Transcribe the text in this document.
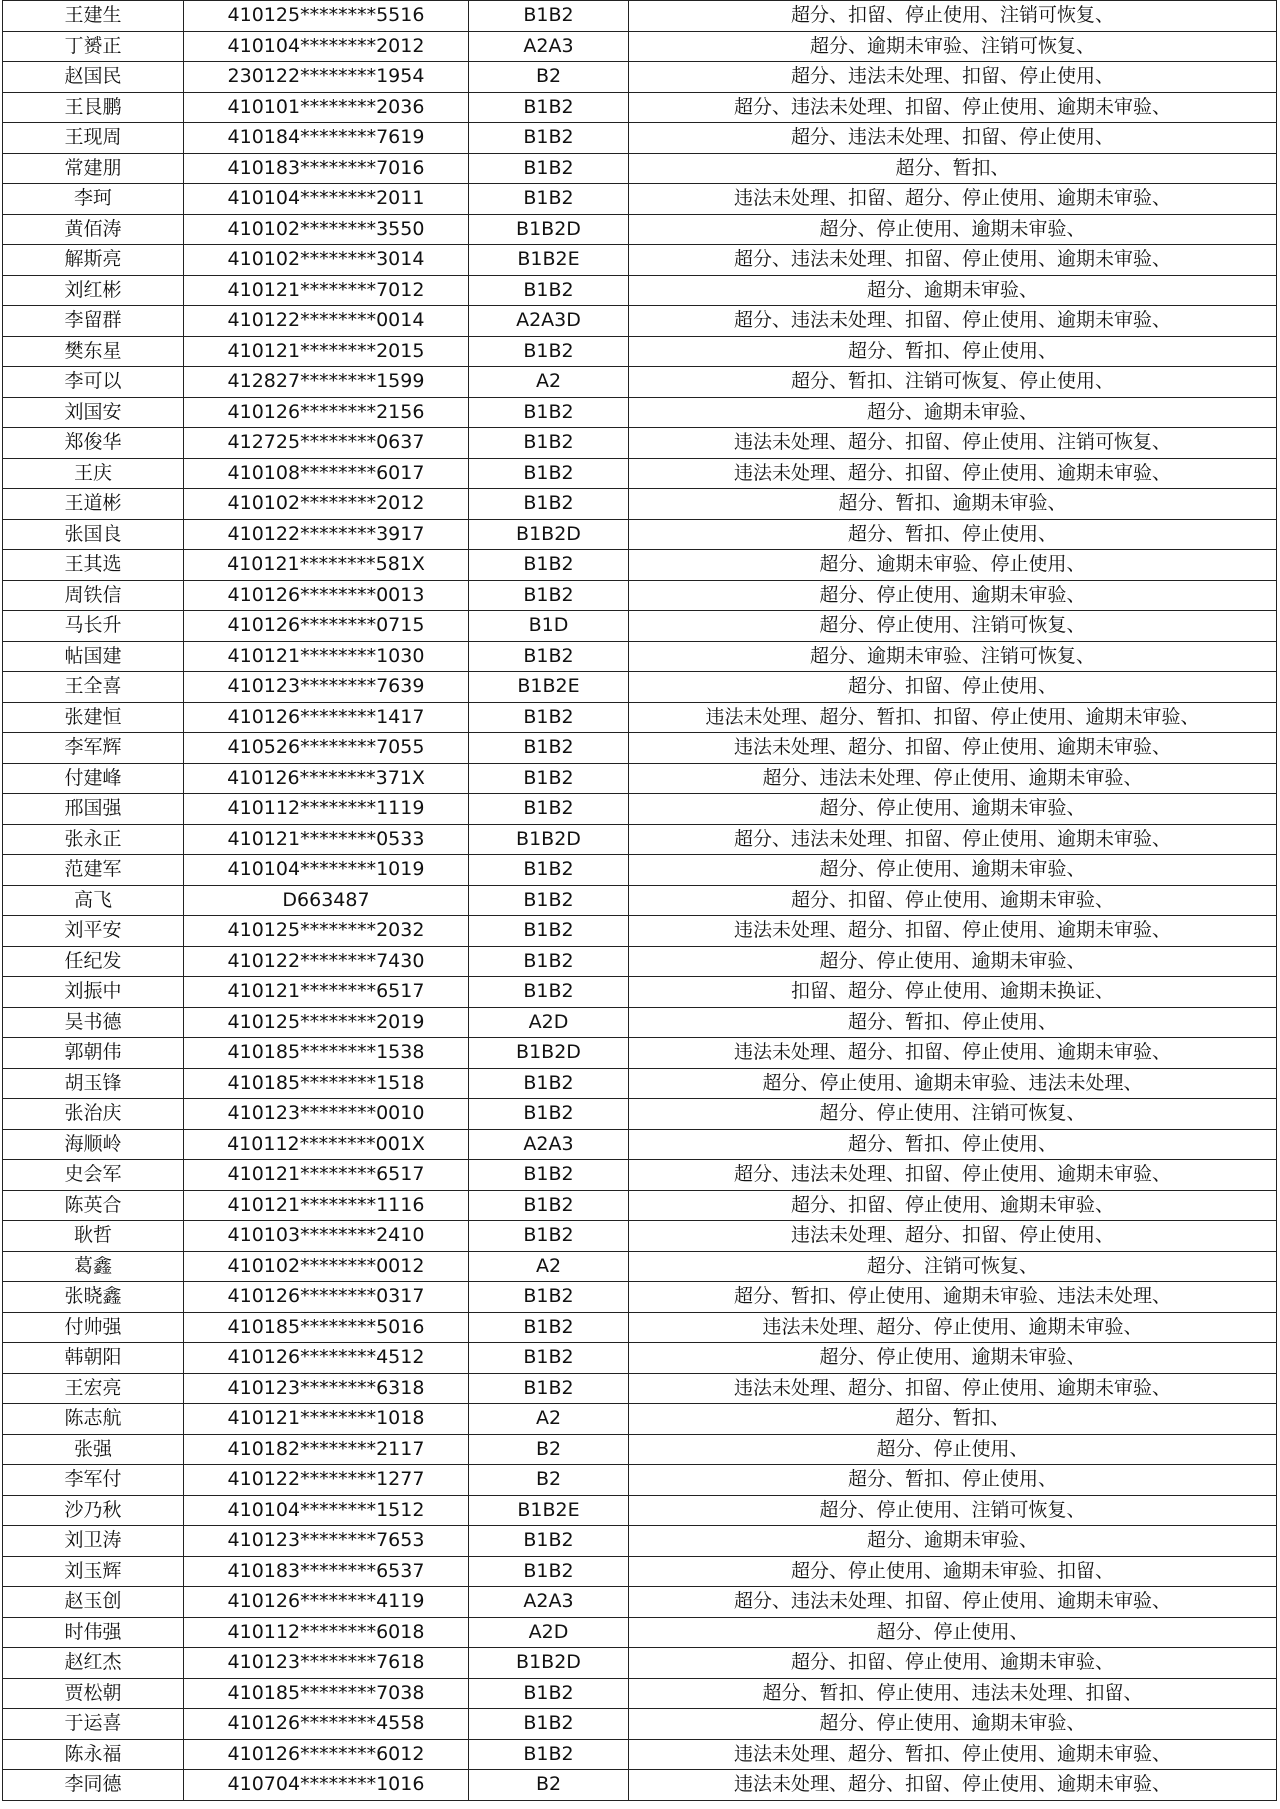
王建生	410125********5516	B1B2	超分、扣留、停止使用、注销可恢复、
丁赟正	410104********2012	A2A3	超分、逾期未审验、注销可恢复、
赵国民	230122********1954	B2	超分、违法未处理、扣留、停止使用、
王艮鹏	410101********2036	B1B2	超分、违法未处理、扣留、停止使用、逾期未审验、
王现周	410184********7619	B1B2	超分、违法未处理、扣留、停止使用、
常建朋	410183********7016	B1B2	超分、暂扣、
李珂	410104********2011	B1B2	违法未处理、扣留、超分、停止使用、逾期未审验、
黄佰涛	410102********3550	B1B2D	超分、停止使用、逾期未审验、
解斯亮	410102********3014	B1B2E	超分、违法未处理、扣留、停止使用、逾期未审验、
刘红彬	410121********7012	B1B2	超分、逾期未审验、
李留群	410122********0014	A2A3D	超分、违法未处理、扣留、停止使用、逾期未审验、
樊东星	410121********2015	B1B2	超分、暂扣、停止使用、
李可以	412827********1599	A2	超分、暂扣、注销可恢复、停止使用、
刘国安	410126********2156	B1B2	超分、逾期未审验、
郑俊华	412725********0637	B1B2	违法未处理、超分、扣留、停止使用、注销可恢复、
王庆	410108********6017	B1B2	违法未处理、超分、扣留、停止使用、逾期未审验、
王道彬	410102********2012	B1B2	超分、暂扣、逾期未审验、
张国良	410122********3917	B1B2D	超分、暂扣、停止使用、
王其选	410121********581X	B1B2	超分、逾期未审验、停止使用、
周铁信	410126********0013	B1B2	超分、停止使用、逾期未审验、
马长升	410126********0715	B1D	超分、停止使用、注销可恢复、
帖国建	410121********1030	B1B2	超分、逾期未审验、注销可恢复、
王全喜	410123********7639	B1B2E	超分、扣留、停止使用、
张建恒	410126********1417	B1B2	违法未处理、超分、暂扣、扣留、停止使用、逾期未审验、
李军辉	410526********7055	B1B2	违法未处理、超分、扣留、停止使用、逾期未审验、
付建峰	410126********371X	B1B2	超分、违法未处理、停止使用、逾期未审验、
邢国强	410112********1119	B1B2	超分、停止使用、逾期未审验、
张永正	410121********0533	B1B2D	超分、违法未处理、扣留、停止使用、逾期未审验、
范建军	410104********1019	B1B2	超分、停止使用、逾期未审验、
高飞	D663487	B1B2	超分、扣留、停止使用、逾期未审验、
刘平安	410125********2032	B1B2	违法未处理、超分、扣留、停止使用、逾期未审验、
任纪发	410122********7430	B1B2	超分、停止使用、逾期未审验、
刘振中	410121********6517	B1B2	扣留、超分、停止使用、逾期未换证、
吴书德	410125********2019	A2D	超分、暂扣、停止使用、
郭朝伟	410185********1538	B1B2D	违法未处理、超分、扣留、停止使用、逾期未审验、
胡玉锋	410185********1518	B1B2	超分、停止使用、逾期未审验、违法未处理、
张治庆	410123********0010	B1B2	超分、停止使用、注销可恢复、
海顺岭	410112********001X	A2A3	超分、暂扣、停止使用、
史会军	410121********6517	B1B2	超分、违法未处理、扣留、停止使用、逾期未审验、
陈英合	410121********1116	B1B2	超分、扣留、停止使用、逾期未审验、
耿哲	410103********2410	B1B2	违法未处理、超分、扣留、停止使用、
葛鑫	410102********0012	A2	超分、注销可恢复、
张晓鑫	410126********0317	B1B2	超分、暂扣、停止使用、逾期未审验、违法未处理、
付帅强	410185********5016	B1B2	违法未处理、超分、停止使用、逾期未审验、
韩朝阳	410126********4512	B1B2	超分、停止使用、逾期未审验、
王宏亮	410123********6318	B1B2	违法未处理、超分、扣留、停止使用、逾期未审验、
陈志航	410121********1018	A2	超分、暂扣、
张强	410182********2117	B2	超分、停止使用、
李军付	410122********1277	B2	超分、暂扣、停止使用、
沙乃秋	410104********1512	B1B2E	超分、停止使用、注销可恢复、
刘卫涛	410123********7653	B1B2	超分、逾期未审验、
刘玉辉	410183********6537	B1B2	超分、停止使用、逾期未审验、扣留、
赵玉创	410126********4119	A2A3	超分、违法未处理、扣留、停止使用、逾期未审验、
时伟强	410112********6018	A2D	超分、停止使用、
赵红杰	410123********7618	B1B2D	超分、扣留、停止使用、逾期未审验、
贾松朝	410185********7038	B1B2	超分、暂扣、停止使用、违法未处理、扣留、
于运喜	410126********4558	B1B2	超分、停止使用、逾期未审验、
陈永福	410126********6012	B1B2	违法未处理、超分、暂扣、停止使用、逾期未审验、
李同德	410704********1016	B2	违法未处理、超分、扣留、停止使用、逾期未审验、
